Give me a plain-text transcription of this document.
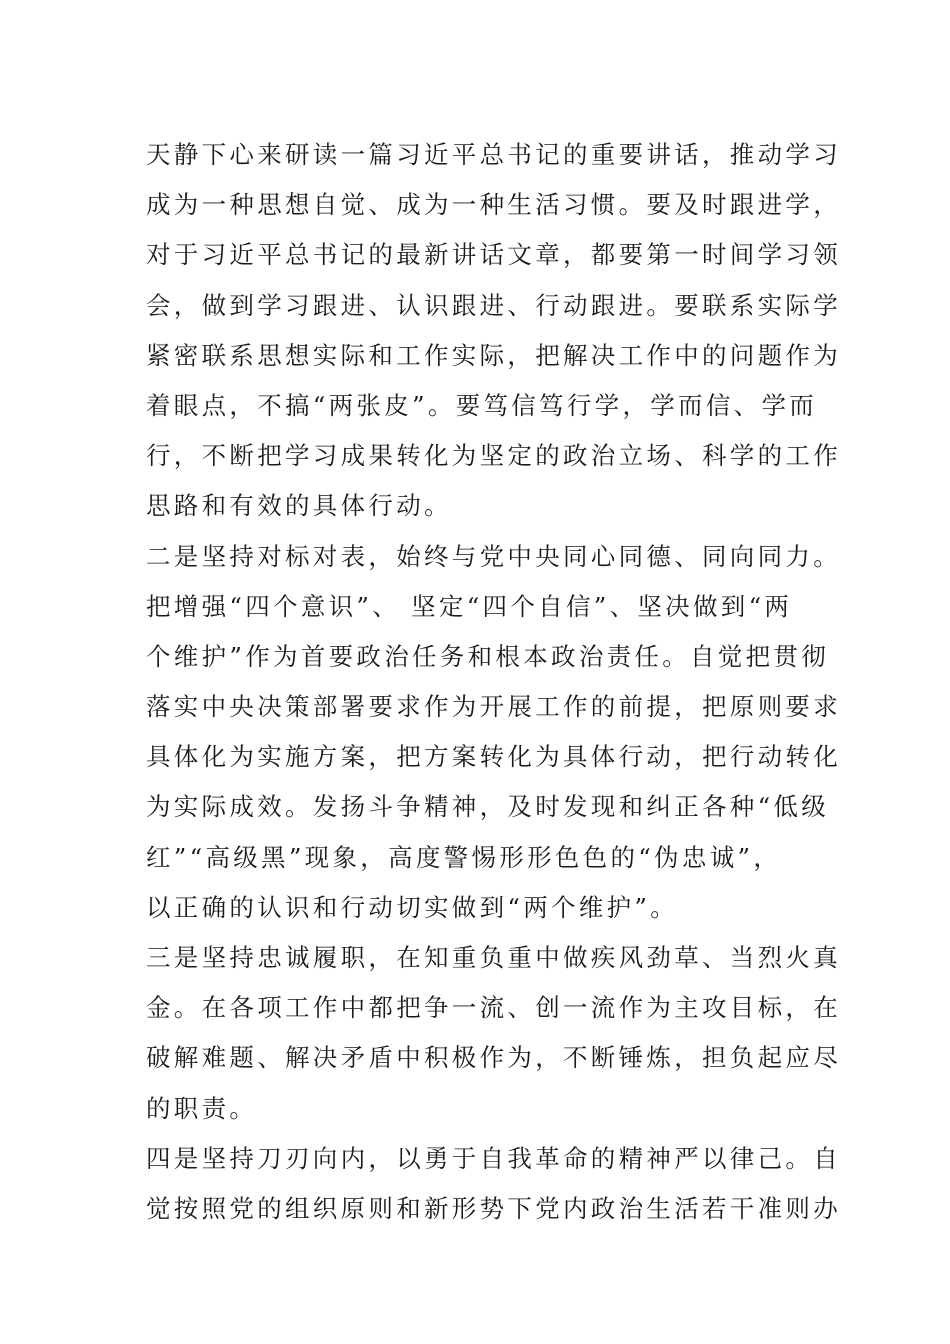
天静下心来研读一篇习近平总书记的重要讲话，推动学习
成为一种思想自觉、成为一种生活习惯。要及时跟进学，
对于习近平总书记的最新讲话文章，都要第一时间学习领
会，做到学习跟进、认识跟进、行动跟进。要联系实际学
紧密联系思想实际和工作实际，把解决工作中的问题作为
着眼点，不搞“两张皮”。要笃信笃行学，学而信、学而
行，不断把学习成果转化为坚定的政治立场、科学的工作
思路和有效的具体行动。
二是坚持对标对表，始终与党中央同心同德、同向同力。
把增强“四个意识”、 坚定“四个自信”、坚决做到“两
个维护”作为首要政治任务和根本政治责任。自觉把贯彻
落实中央决策部署要求作为开展工作的前提，把原则要求
具体化为实施方案，把方案转化为具体行动，把行动转化
为实际成效。发扬斗争精神，及时发现和纠正各种“低级
红”“高级黑”现象，高度警惕形形色色的“伪忠诚”，
以正确的认识和行动切实做到“两个维护”。
三是坚持忠诚履职，在知重负重中做疾风劲草、当烈火真
金。在各项工作中都把争一流、创一流作为主攻目标，在
破解难题、解决矛盾中积极作为，不断锤炼，担负起应尽
的职责。
四是坚持刀刃向内，以勇于自我革命的精神严以律己。自
觉按照党的组织原则和新形势下党内政治生活若干准则办
